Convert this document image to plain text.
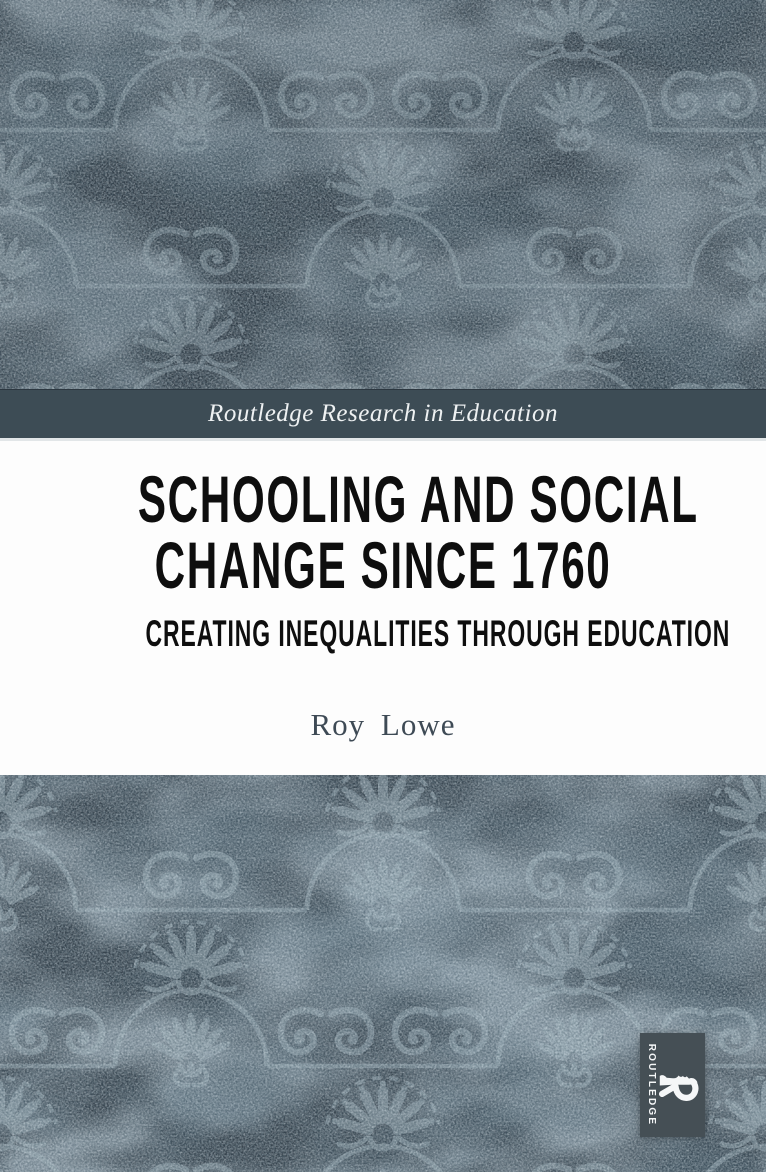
Routledge Research in Education
SCHOOLING AND SOCIAL
CHANGE SINCE 1760
CREATING INEQUALITIES THROUGH EDUCATION
Roy Lowe
ROUTLEDGE
